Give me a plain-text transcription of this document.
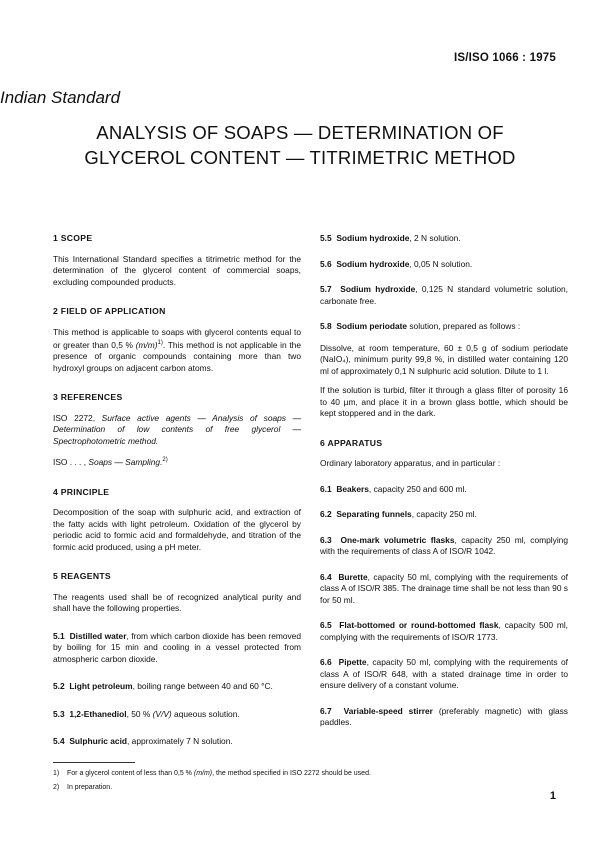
IS/ISO 1066 : 1975

Indian Standard

ANALYSIS OF SOAPS — DETERMINATION OF
GLYCEROL CONTENT — TITRIMETRIC METHOD
1 SCOPE

This International Standard specifies a titrimetric method for the determination of the glycerol content of commercial soaps, excluding compounded products.

2 FIELD OF APPLICATION

This method is applicable to soaps with glycerol contents equal to or greater than 0,5 % $(m/m)^{1)}$. This method is not applicable in the presence of organic compounds containing more than two hydroxyl groups on adjacent carbon atoms.

3 REFERENCES

ISO 2272, Surface active agents — Analysis of soaps — Determination of low contents of free glycerol — Spectrophotometric method.

ISO . . . , Soaps — Sampling.$^{2)}$

4 PRINCIPLE

Decomposition of the soap with sulphuric acid, and extraction of the fatty acids with light petroleum. Oxidation of the glycerol by periodic acid to formic acid and formaldehyde, and titration of the formic acid produced, using a pH meter.

5 REAGENTS

The reagents used shall be of recognized analytical purity and shall have the following properties.

5.1 Distilled water, from which carbon dioxide has been removed by boiling for 15 min and cooling in a vessel protected from atmospheric carbon dioxide.

5.2 Light petroleum, boiling range between 40 and 60 °C.

5.3 1,2-Ethanediol, 50 % (V/V) aqueous solution.

5.4 Sulphuric acid, approximately 7 N solution.

5.5 Sodium hydroxide, 2 N solution.

5.6 Sodium hydroxide, 0,05 N solution.

5.7 Sodium hydroxide, 0,125 N standard volumetric solution, carbonate free.

5.8 Sodium periodate solution, prepared as follows :

Dissolve, at room temperature, 60 ± 0,5 g of sodium periodate (NaIO₄), minimum purity 99,8 %, in distilled water containing 120 ml of approximately 0,1 N sulphuric acid solution. Dilute to 1 l.

If the solution is turbid, filter it through a glass filter of porosity 16 to 40 µm, and place it in a brown glass bottle, which should be kept stoppered and in the dark.

6 APPARATUS

Ordinary laboratory apparatus, and in particular :

6.1 Beakers, capacity 250 and 600 ml.

6.2 Separating funnels, capacity 250 ml.

6.3 One-mark volumetric flasks, capacity 250 ml, complying with the requirements of class A of ISO/R 1042.

6.4 Burette, capacity 50 ml, complying with the requirements of class A of ISO/R 385. The drainage time shall be not less than 90 s for 50 ml.

6.5 Flat-bottomed or round-bottomed flask, capacity 500 ml, complying with the requirements of ISO/R 1773.

6.6 Pipette, capacity 50 ml, complying with the requirements of class A of ISO/R 648, with a stated drainage time in order to ensure delivery of a constant volume.

6.7 Variable-speed stirrer (preferably magnetic) with glass paddles.

1) For a glycerol content of less than 0,5 % (m/m), the method specified in ISO 2272 should be used.
2) In preparation.
1
